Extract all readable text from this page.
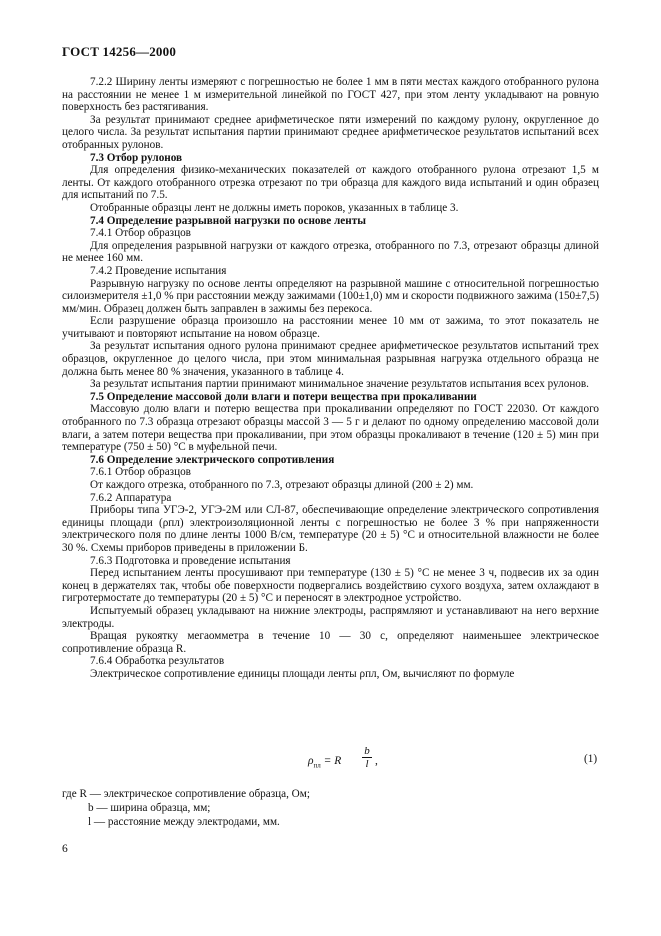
ГОСТ 14256—2000

7.2.2 Ширину ленты измеряют с погрешностью не более 1 мм в пяти местах каждого отобранного рулона на расстоянии не менее 1 м измерительной линейкой по ГОСТ 427, при этом ленту укладывают на ровную поверхность без растягивания.

За результат принимают среднее арифметическое пяти измерений по каждому рулону, округленное до целого числа. За результат испытания партии принимают среднее арифметическое результатов испытаний всех отобранных рулонов.

7.3 Отбор рулонов

Для определения физико-механических показателей от каждого отобранного рулона отрезают 1,5 м ленты. От каждого отобранного отрезка отрезают по три образца для каждого вида испытаний и один образец для испытаний по 7.5.

Отобранные образцы лент не должны иметь пороков, указанных в таблице 3.

7.4 Определение разрывной нагрузки по основе ленты

7.4.1 Отбор образцов

Для определения разрывной нагрузки от каждого отрезка, отобранного по 7.3, отрезают образцы длиной не менее 160 мм.

7.4.2 Проведение испытания

Разрывную нагрузку по основе ленты определяют на разрывной машине с относительной погрешностью силоизмерителя ±1,0 % при расстоянии между зажимами (100±1,0) мм и скорости подвижного зажима (150±7,5) мм/мин. Образец должен быть заправлен в зажимы без перекоса.

Если разрушение образца произошло на расстоянии менее 10 мм от зажима, то этот показатель не учитывают и повторяют испытание на новом образце.

За результат испытания одного рулона принимают среднее арифметическое результатов испытаний трех образцов, округленное до целого числа, при этом минимальная разрывная нагрузка отдельного образца не должна быть менее 80 % значения, указанного в таблице 4.

За результат испытания партии принимают минимальное значение результатов испытания всех рулонов.

7.5 Определение массовой доли влаги и потери вещества при прокаливании

Массовую долю влаги и потерю вещества при прокаливании определяют по ГОСТ 22030. От каждого отобранного по 7.3 образца отрезают образцы массой 3 — 5 г и делают по одному определению массовой доли влаги, а затем потери вещества при прокаливании, при этом образцы прокаливают в течение (120 ± 5) мин при температуре (750 ± 50) °С в муфельной печи.

7.6 Определение электрического сопротивления

7.6.1 Отбор образцов

От каждого отрезка, отобранного по 7.3, отрезают образцы длиной (200 ± 2) мм.

7.6.2 Аппаратура

Приборы типа УГЭ-2, УГЭ-2М или СЛ-87, обеспечивающие определение электрического сопротивления единицы площади (ρпл) электроизоляционной ленты с погрешностью не более 3 % при напряженности электрического поля по длине ленты 1000 В/см, температуре (20 ± 5) °С и относительной влажности не более 30 %. Схемы приборов приведены в приложении Б.

7.6.3 Подготовка и проведение испытания

Перед испытанием ленты просушивают при температуре (130 ± 5) °С не менее 3 ч, подвесив их за один конец в держателях так, чтобы обе поверхности подвергались воздействию сухого воздуха, затем охлаждают в гигротермостате до температуры (20 ± 5) °С и переносят в электродное устройство.

Испытуемый образец укладывают на нижние электроды, распрямляют и устанавливают на него верхние электроды.

Вращая рукоятку мегаомметра в течение 10 — 30 с, определяют наименьшее электрическое сопротивление образца R.

7.6.4 Обработка результатов

Электрическое сопротивление единицы площади ленты ρпл, Ом, вычисляют по формуле

$\rho_{пл} = R \frac{b}{l}$ ,	(1)

где R — электрическое сопротивление образца, Ом;

b — ширина образца, мм;

l — расстояние между электродами, мм.

6
